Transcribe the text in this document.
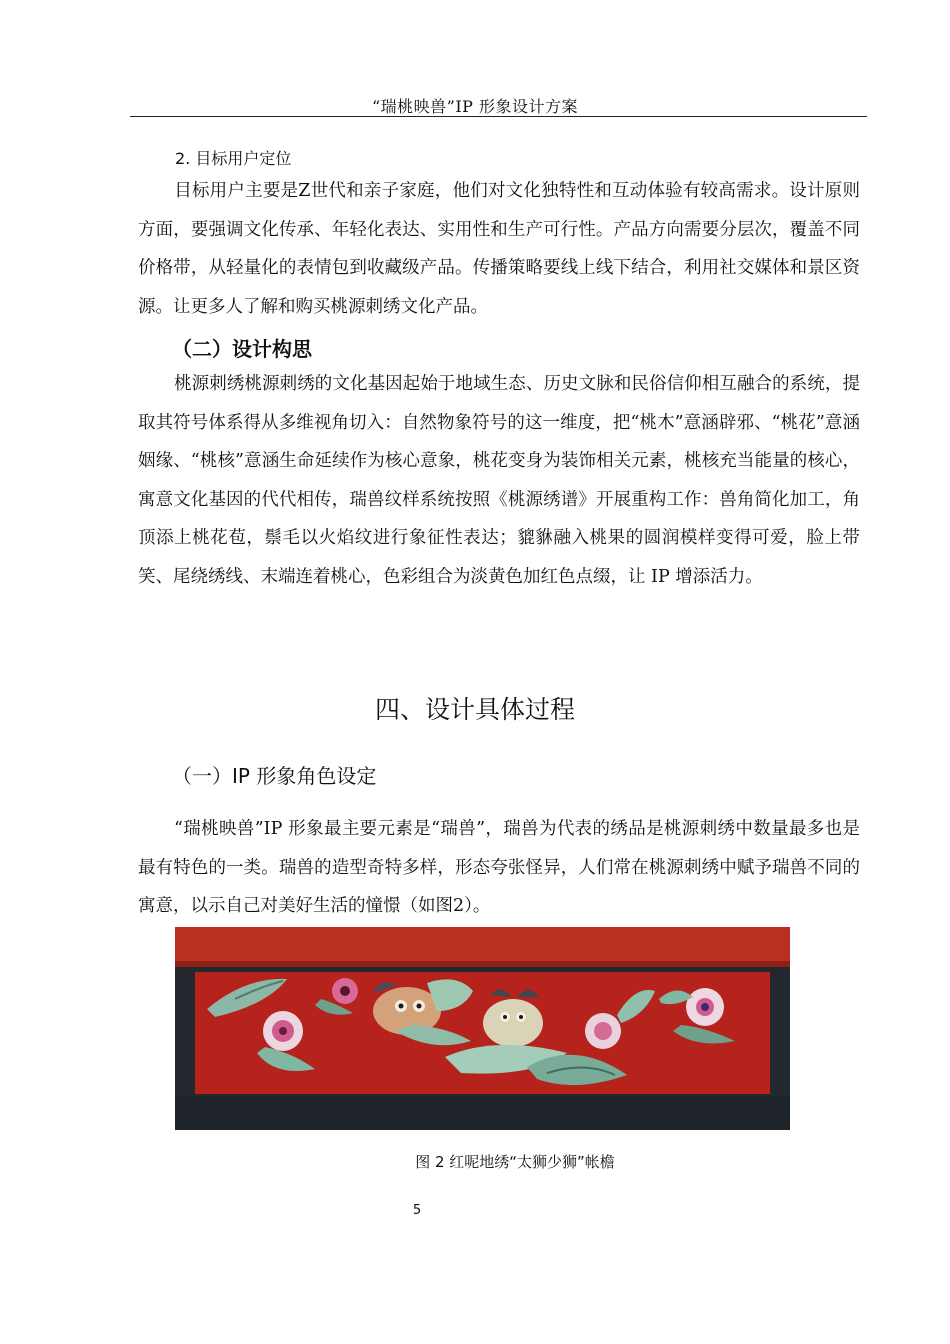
“瑞桃映兽”IP 形象设计方案
2. 目标用户定位

目标用户主要是Z世代和亲子家庭，他们对文化独特性和互动体验有较高需求。设计原则方面，要强调文化传承、年轻化表达、实用性和生产可行性。产品方向需要分层次，覆盖不同价格带，从轻量化的表情包到收藏级产品。传播策略要线上线下结合，利用社交媒体和景区资源。让更多人了解和购买桃源刺绣文化产品。

（二）设计构思

桃源刺绣桃源刺绣的文化基因起始于地域生态、历史文脉和民俗信仰相互融合的系统，提取其符号体系得从多维视角切入：自然物象符号的这一维度，把“桃木”意涵辟邪、“桃花”意涵姻缘、“桃核”意涵生命延续作为核心意象，桃花变身为装饰相关元素，桃核充当能量的核心，寓意文化基因的代代相传，瑞兽纹样系统按照《桃源绣谱》开展重构工作：兽角简化加工，角顶添上桃花苞，鬃毛以火焰纹进行象征性表达；貔貅融入桃果的圆润模样变得可爱，脸上带笑、尾绕绣线、末端连着桃心，色彩组合为淡黄色加红色点缀，让 IP 增添活力。

四、设计具体过程
（一）IP 形象角色设定

“瑞桃映兽”IP 形象最主要元素是“瑞兽”，瑞兽为代表的绣品是桃源刺绣中数量最多也是最有特色的一类。瑞兽的造型奇特多样，形态夸张怪异，人们常在桃源刺绣中赋予瑞兽不同的寓意，以示自己对美好生活的憧憬（如图2）。

图 2 红呢地绣“太狮少狮”帐檐
5
